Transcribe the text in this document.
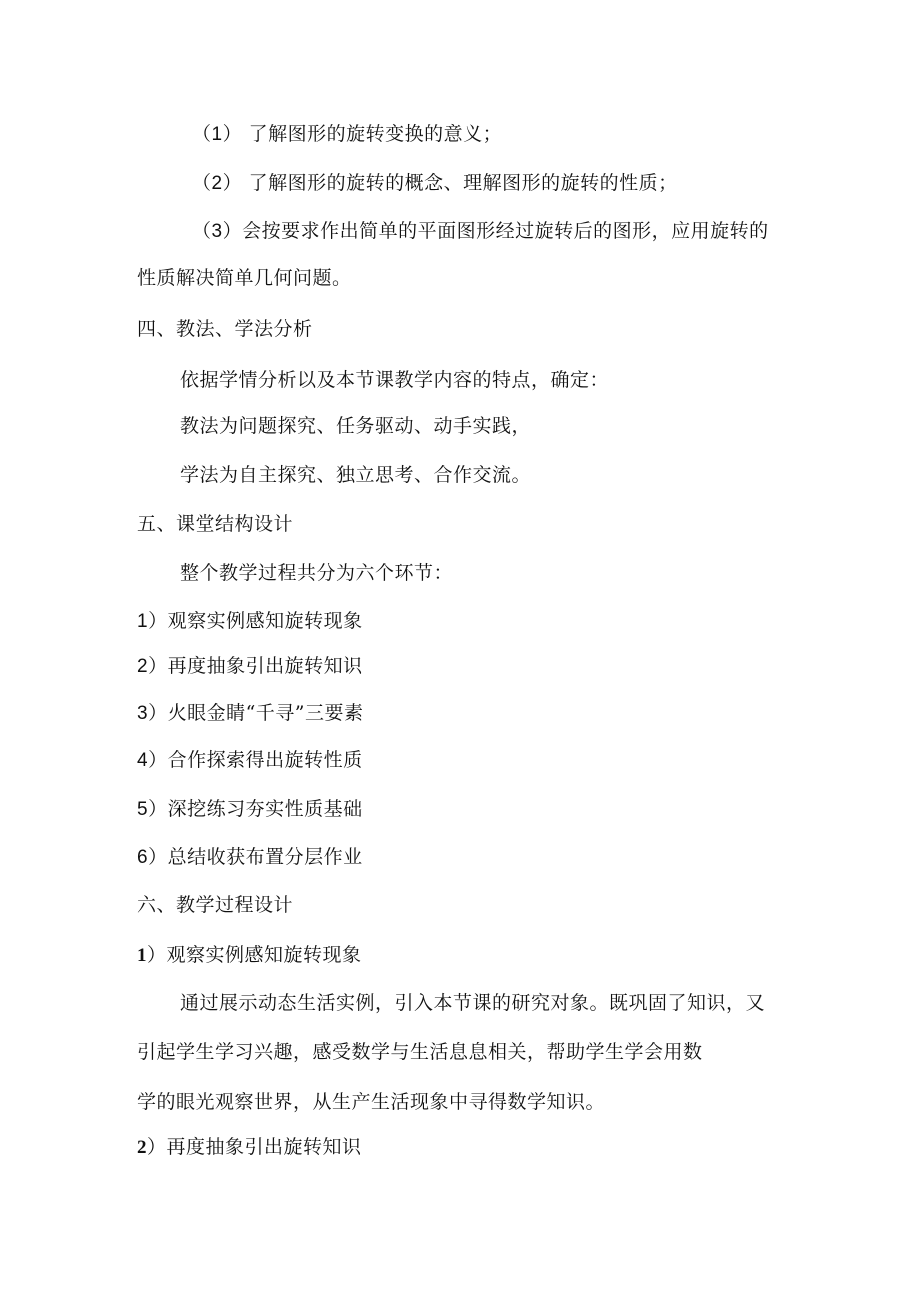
（1） 了解图形的旋转变换的意义；
（2） 了解图形的旋转的概念、理解图形的旋转的性质；
（3）会按要求作出简单的平面图形经过旋转后的图形，应用旋转的
性质解决简单几何问题。
四、教法、学法分析
依据学情分析以及本节课教学内容的特点，确定：
教法为问题探究、任务驱动、动手实践，
学法为自主探究、独立思考、合作交流。
五、课堂结构设计
整个教学过程共分为六个环节：
1）观察实例感知旋转现象
2）再度抽象引出旋转知识
3）火眼金睛“千寻”三要素
4）合作探索得出旋转性质
5）深挖练习夯实性质基础
6）总结收获布置分层作业
六、教学过程设计
1）观察实例感知旋转现象
通过展示动态生活实例，引入本节课的研究对象。既巩固了知识，又
引起学生学习兴趣，感受数学与生活息息相关，帮助学生学会用数
学的眼光观察世界，从生产生活现象中寻得数学知识。
2）再度抽象引出旋转知识
